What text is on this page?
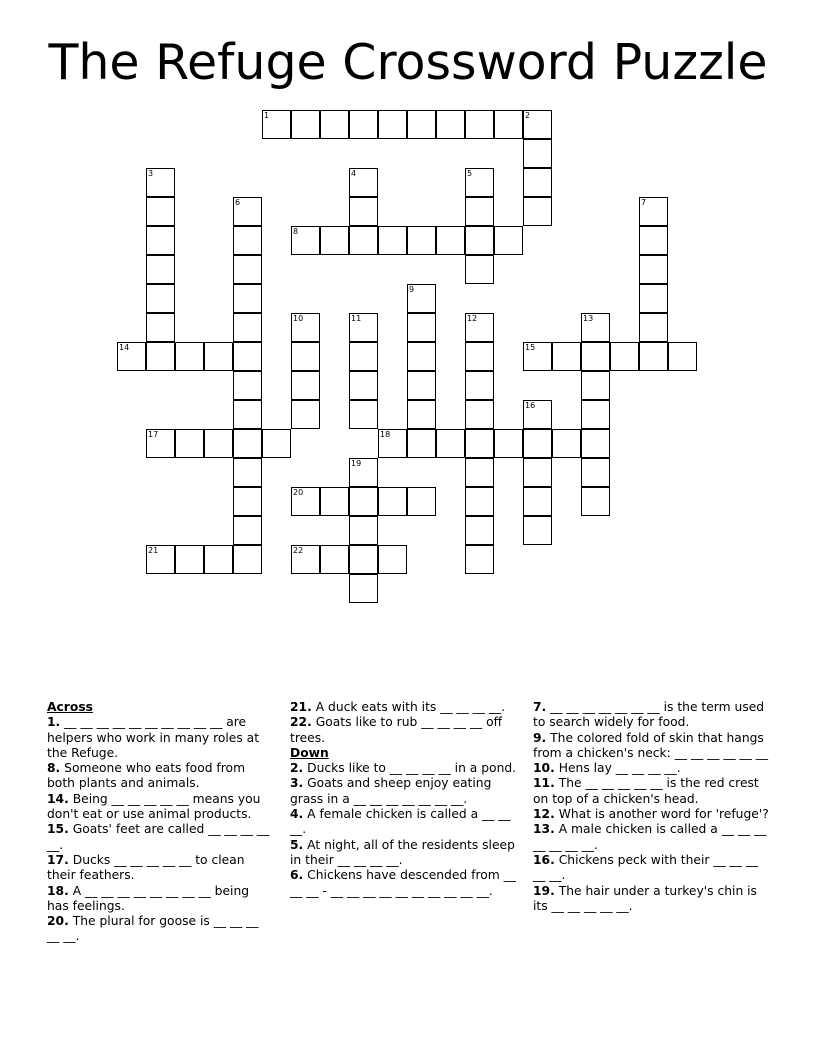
The Refuge Crossword Puzzle
1	2
3	4	5
6	7
8
9
10	11	12	13
14	15
16
17	18
19
20
21	22
Across
1. __ __ __ __ __ __ __ __ __ __ are helpers who work in many roles at the Refuge.
8. Someone who eats food from both plants and animals.
14. Being __ __ __ __ __ means you don't eat or use animal products.
15. Goats' feet are called __ __ __ __ __.
17. Ducks __ __ __ __ __ to clean their feathers.
18. A __ __ __ __ __ __ __ __ being has feelings.
20. The plural for goose is __ __ __ __ __.
21. A duck eats with its __ __ __ __.
22. Goats like to rub __ __ __ __ off trees.
Down
2. Ducks like to __ __ __ __ in a pond.
3. Goats and sheep enjoy eating grass in a __ __ __ __ __ __ __.
4. A female chicken is called a __ __ __.
5. At night, all of the residents sleep in their __ __ __ __.
6. Chickens have descended from __ __ __ - __ __ __ __ __ __ __ __ __ __.
7. __ __ __ __ __ __ __ is the term used to search widely for food.
9. The colored fold of skin that hangs from a chicken's neck: __ __ __ __ __ __
10. Hens lay __ __ __ __.
11. The __ __ __ __ __ is the red crest on top of a chicken's head.
12. What is another word for 'refuge'?
13. A male chicken is called a __ __ __ __ __ __ __.
16. Chickens peck with their __ __ __ __ __.
19. The hair under a turkey's chin is its __ __ __ __ __.
